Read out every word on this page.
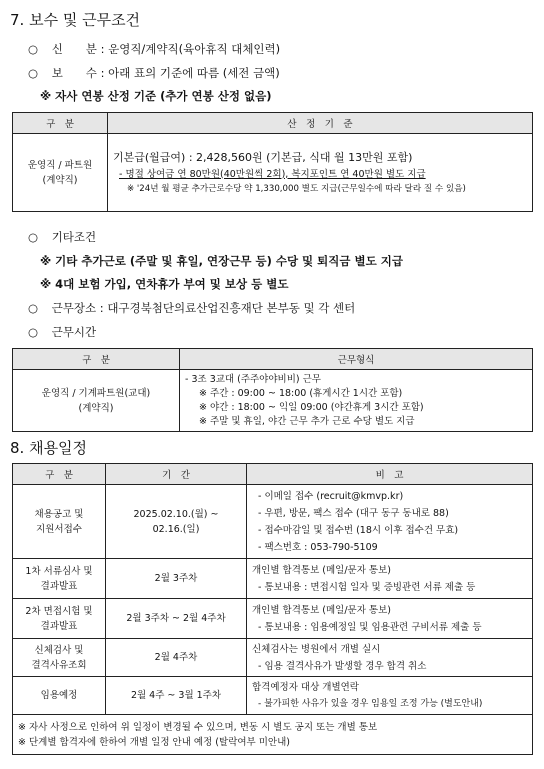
7. 보수 및 근무조건
○ 신　　분 : 운영직/계약직(육아휴직 대체인력)
○ 보　　수 : 아래 표의 기준에 따름 (세전 금액)
※ 자사 연봉 산정 기준 (추가 연봉 산정 없음)
구　분	산　정　기　준

운영직 / 파트원
(계약직)	기본급(월급여) : 2,428,560원 (기본급, 식대 월 13만원 포함)
- 명절 상여금 연 80만원(40만원씩 2회), 복지포인트 연 40만원 별도 지급
※ '24년 월 평균 추가근로수당 약 1,330,000 별도 지급(근무일수에 따라 달라 질 수 있음)
○ 기타조건
※ 기타 추가근로 (주말 및 휴일, 연장근무 등) 수당 및 퇴직금 별도 지급
※ 4대 보험 가입, 연차휴가 부여 및 보상 등 별도
○ 근무장소 : 대구경북첨단의료산업진흥재단 본부동 및 각 센터
○ 근무시간
구　분	근무형식

운영직 / 기계파트원(교대)
(계약직)	- 3조 3교대 (주주야야비비) 근무
※ 주간 : 09:00 ~ 18:00 (휴게시간 1시간 포함)
※ 야간 : 18:00 ~ 익일 09:00 (야간휴게 3시간 포함)
※ 주말 및 휴일, 야간 근무 추가 근로 수당 별도 지급
8. 채용일정
구　분	기　간	비　고

채용공고 및
지원서접수	2025.02.10.(월) ~
02.16.(일)	- 이메일 접수 (recruit@kmvp.kr)
- 우편, 방문, 팩스 접수 (대구 동구 동내로 88)
- 접수마감일 및 접수번 (18시 이후 접수건 무효)
- 팩스번호 : 053-790-5109

1차 서류심사 및
결과발표	2월 3주차	개인별 합격통보 (메일/문자 통보)
- 통보내용 : 면접시험 일자 및 증빙관련 서류 제출 등

2차 면접시험 및
결과발표	2월 3주차 ~ 2월 4주차	개인별 합격통보 (메일/문자 통보)
- 통보내용 : 임용예정일 및 임용관련 구비서류 제출 등

신체검사 및
결격사유조회	2월 4주차	신체검사는 병원에서 개별 실시
- 임용 결격사유가 발생할 경우 합격 취소

임용예정	2월 4주 ~ 3월 1주차	합격예정자 대상 개별연락
- 불가피한 사유가 있을 경우 임용일 조정 가능 (별도안내)

※ 자사 사정으로 인하여 위 일정이 변경될 수 있으며, 변동 시 별도 공지 또는 개별 통보
※ 단계별 합격자에 한하여 개별 일정 안내 예정 (탈락여부 미안내)		
